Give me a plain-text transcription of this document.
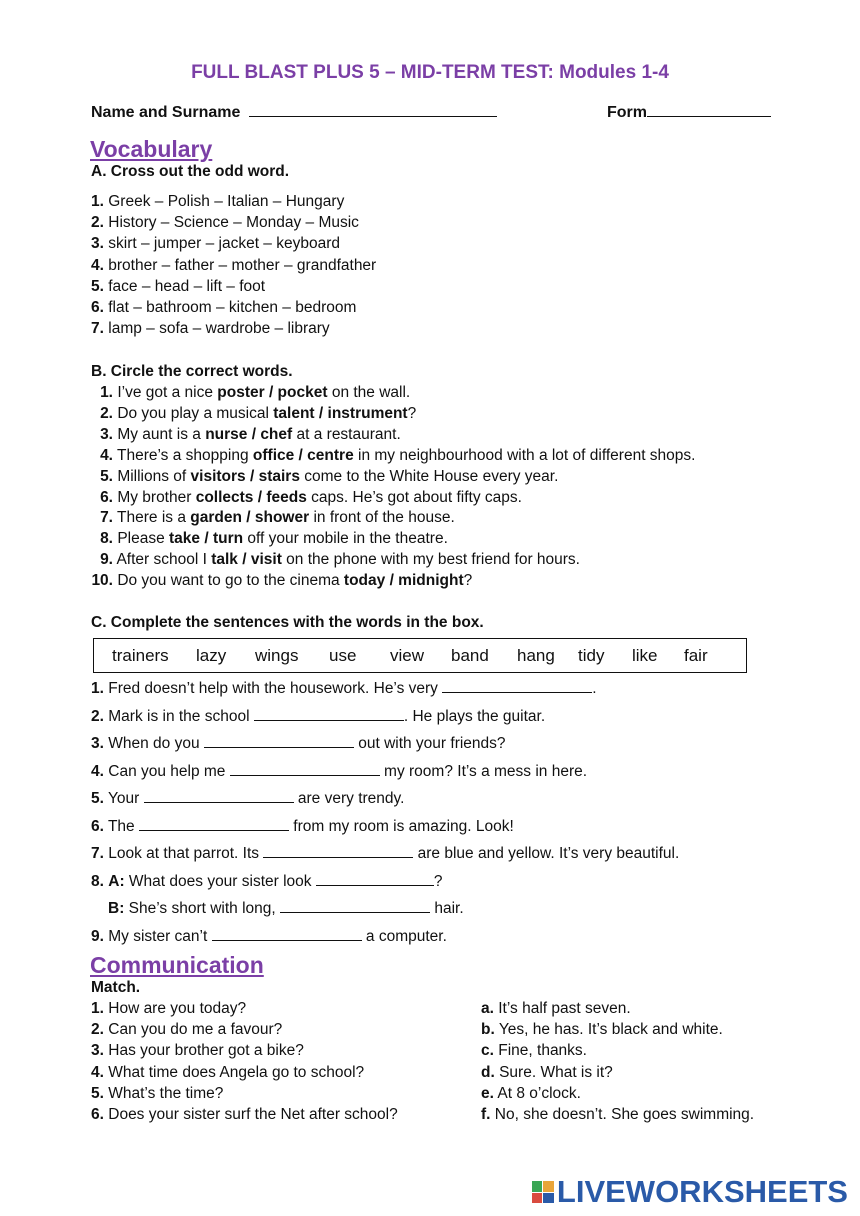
FULL BLAST PLUS 5 – MID-TERM TEST: Modules 1-4
Name and Surname	Form
Vocabulary
A. Cross out the odd word.
1. Greek – Polish – Italian – Hungary
2. History – Science – Monday – Music
3. skirt – jumper – jacket – keyboard
4. brother – father – mother – grandfather
5. face – head – lift – foot
6. flat – bathroom – kitchen – bedroom
7. lamp – sofa – wardrobe – library
B. Circle the correct words.
1. I’ve got a nice poster / pocket on the wall.
2. Do you play a musical talent / instrument?
3. My aunt is a nurse / chef at a restaurant.
4. There’s a shopping office / centre in my neighbourhood with a lot of different shops.
5. Millions of visitors / stairs come to the White House every year.
6. My brother collects / feeds caps. He’s got about fifty caps.
7. There is a garden / shower in front of the house.
8. Please take / turn off your mobile in the theatre.
9. After school I talk / visit on the phone with my best friend for hours.
10. Do you want to go to the cinema today / midnight?
C. Complete the sentences with the words in the box.
trainers lazy wings use view band hang tidy like fair
1. Fred doesn’t help with the housework. He’s very	.
2. Mark is in the school	. He plays the guitar.
3. When do you	out with your friends?
4. Can you help me	my room? It’s a mess in here.
5. Your	are very trendy.
6. The	from my room is amazing. Look!
7. Look at that parrot. Its	are blue and yellow. It’s very beautiful.
8. A: What does your sister look	?
B: She’s short with long,	hair.
9. My sister can’t	a computer.
Communication
Match.
1. How are you today?	a. It’s half past seven.
2. Can you do me a favour?	b. Yes, he has. It’s black and white.
3. Has your brother got a bike?	c. Fine, thanks.
4. What time does Angela go to school?	d. Sure. What is it?
5. What’s the time?	e. At 8 o’clock.
6. Does your sister surf the Net after school?	f. No, she doesn’t. She goes swimming.
LIVEWORKSHEETS
